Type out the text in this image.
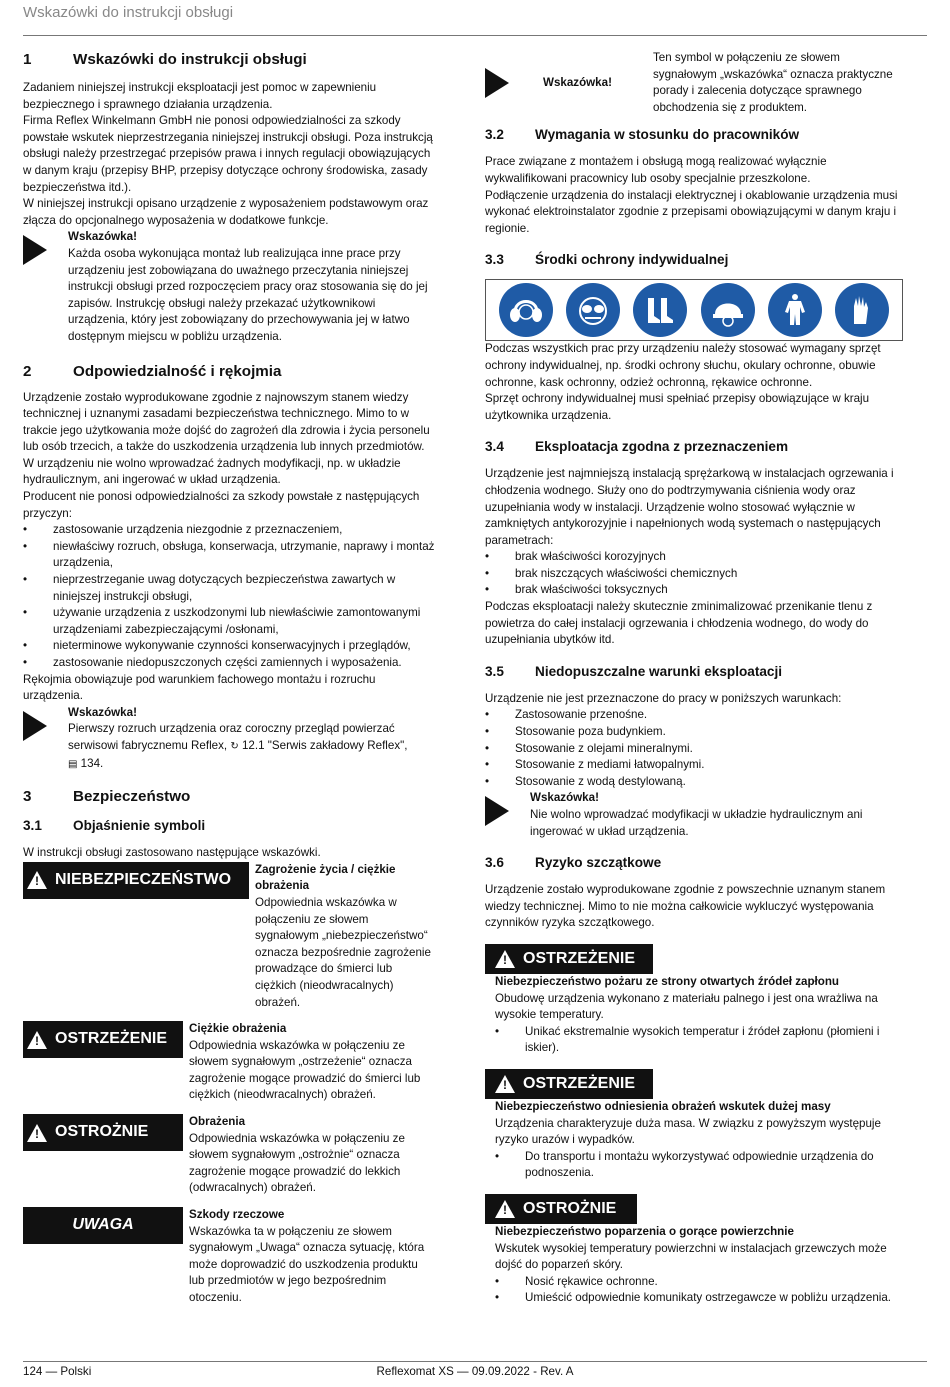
Wskazówki do instrukcji obsługi
1	Wskazówki do instrukcji obsługi

Zadaniem niniejszej instrukcji eksploatacji jest pomoc w zapewnieniu bezpiecznego i sprawnego działania urządzenia.

Firma Reflex Winkelmann GmbH nie ponosi odpowiedzialności za szkody powstałe wskutek nieprzestrzegania niniejszej instrukcji obsługi. Poza instrukcją obsługi należy przestrzegać przepisów prawa i innych regulacji obowiązujących w danym kraju (przepisy BHP, przepisy dotyczące ochrony środowiska, zasady bezpieczeństwa itd.).

W niniejszej instrukcji opisano urządzenie z wyposażeniem podstawowym oraz złącza do opcjonalnego wyposażenia w dodatkowe funkcje.

Wskazówka!
Każda osoba wykonująca montaż lub realizująca inne prace przy urządzeniu jest zobowiązana do uważnego przeczytania niniejszej instrukcji obsługi przed rozpoczęciem pracy oraz stosowania się do jej zapisów. Instrukcję obsługi należy przekazać użytkownikowi urządzenia, który jest zobowiązany do przechowywania jej w łatwo dostępnym miejscu w pobliżu urządzenia.
2	Odpowiedzialność i rękojmia

Urządzenie zostało wyprodukowane zgodnie z najnowszym stanem wiedzy technicznej i uznanymi zasadami bezpieczeństwa technicznego. Mimo to w trakcie jego użytkowania może dojść do zagrożeń dla zdrowia i życia personelu lub osób trzecich, a także do uszkodzenia urządzenia lub innych przedmiotów.

W urządzeniu nie wolno wprowadzać żadnych modyfikacji, np. w układzie hydraulicznym, ani ingerować w układ urządzenia.

Producent nie ponosi odpowiedzialności za szkody powstałe z następujących przyczyn:

• zastosowanie urządzenia niezgodnie z przeznaczeniem,
• niewłaściwy rozruch, obsługa, konserwacja, utrzymanie, naprawy i montaż urządzenia,
• nieprzestrzeganie uwag dotyczących bezpieczeństwa zawartych w niniejszej instrukcji obsługi,
• używanie urządzenia z uszkodzonymi lub niewłaściwie zamontowanymi urządzeniami zabezpieczającymi /osłonami,
• nieterminowe wykonywanie czynności konserwacyjnych i przeglądów,
• zastosowanie niedopuszczonych części zamiennych i wyposażenia.

Rękojmia obowiązuje pod warunkiem fachowego montażu i rozruchu urządzenia.

Wskazówka!
Pierwszy rozruch urządzenia oraz coroczny przegląd powierzać
serwisowi fabrycznemu Reflex, ↻ 12.1 "Serwis zakładowy Reflex",
▤ 134.
3	Bezpieczeństwo
3.1	Objaśnienie symboli

W instrukcji obsługi zastosowano następujące wskazówki.

! NIEBEZPIECZEŃSTWO
Zagrożenie życia / ciężkie obrażenia
Odpowiednia wskazówka w połączeniu ze słowem sygnałowym „niebezpieczeństwo“ oznacza bezpośrednie zagrożenie prowadzące do śmierci lub ciężkich (nieodwracalnych) obrażeń.
! OSTRZEŻENIE
Ciężkie obrażenia
Odpowiednia wskazówka w połączeniu ze słowem sygnałowym „ostrzeżenie“ oznacza zagrożenie mogące prowadzić do śmierci lub ciężkich (nieodwracalnych) obrażeń.
! OSTROŻNIE
Obrażenia
Odpowiednia wskazówka w połączeniu ze słowem sygnałowym „ostrożnie“ oznacza zagrożenie mogące prowadzić do lekkich (odwracalnych) obrażeń.
UWAGA
Szkody rzeczowe
Wskazówka ta w połączeniu ze słowem sygnałowym „Uwaga“ oznacza sytuację, która może doprowadzić do uszkodzenia produktu lub przedmiotów w jego bezpośrednim otoczeniu.
Wskazówka!
Ten symbol w połączeniu ze słowem sygnałowym „wskazówka“ oznacza praktyczne porady i zalecenia dotyczące sprawnego obchodzenia się z produktem.
3.2	Wymagania w stosunku do pracowników

Prace związane z montażem i obsługą mogą realizować wyłącznie wykwalifikowani pracownicy lub osoby specjalnie przeszkolone.

Podłączenie urządzenia do instalacji elektrycznej i okablowanie urządzenia musi wykonać elektroinstalator zgodnie z przepisami obowiązującymi w danym kraju i regionie.

3.3	Środki ochrony indywidualnej

Podczas wszystkich prac przy urządzeniu należy stosować wymagany sprzęt ochrony indywidualnej, np. środki ochrony słuchu, okulary ochronne, obuwie ochronne, kask ochronny, odzież ochronną, rękawice ochronne.

Sprzęt ochrony indywidualnej musi spełniać przepisy obowiązujące w kraju użytkownika urządzenia.

3.4	Eksploatacja zgodna z przeznaczeniem

Urządzenie jest najmniejszą instalacją sprężarkową w instalacjach ogrzewania i chłodzenia wodnego. Służy ono do podtrzymywania ciśnienia wody oraz uzupełniania wody w instalacji. Urządzenie wolno stosować wyłącznie w zamkniętych antykorozyjnie i napełnionych wodą systemach o następujących parametrach:

• brak właściwości korozyjnych
• brak niszczących właściwości chemicznych
• brak właściwości toksycznych

Podczas eksploatacji należy skutecznie zminimalizować przenikanie tlenu z powietrza do całej instalacji ogrzewania i chłodzenia wodnego, do wody do uzupełniania ubytków itd.

3.5	Niedopuszczalne warunki eksploatacji

Urządzenie nie jest przeznaczone do pracy w poniższych warunkach:

• Zastosowanie przenośne.
• Stosowanie poza budynkiem.
• Stosowanie z olejami mineralnymi.
• Stosowanie z mediami łatwopalnymi.
• Stosowanie z wodą destylowaną.
Wskazówka!
Nie wolno wprowadzać modyfikacji w układzie hydraulicznym ani ingerować w układ urządzenia.
3.6	Ryzyko szczątkowe

Urządzenie zostało wyprodukowane zgodnie z powszechnie uznanym stanem wiedzy technicznej. Mimo to nie można całkowicie wykluczyć występowania czynników ryzyka szczątkowego.

! OSTRZEŻENIE
Niebezpieczeństwo pożaru ze strony otwartych źródeł zapłonu
Obudowę urządzenia wykonano z materiału palnego i jest ona wrażliwa na wysokie temperatury.
• Unikać ekstremalnie wysokich temperatur i źródeł zapłonu (płomieni i iskier).
! OSTRZEŻENIE
Niebezpieczeństwo odniesienia obrażeń wskutek dużej masy
Urządzenia charakteryzuje duża masa. W związku z powyższym występuje ryzyko urazów i wypadków.
• Do transportu i montażu wykorzystywać odpowiednie urządzenia do podnoszenia.
! OSTROŻNIE
Niebezpieczeństwo poparzenia o gorące powierzchnie
Wskutek wysokiej temperatury powierzchni w instalacjach grzewczych może dojść do poparzeń skóry.
• Nosić rękawice ochronne.
• Umieścić odpowiednie komunikaty ostrzegawcze w pobliżu urządzenia.
124 — Polski	Reflexomat XS — 09.09.2022 - Rev. A
